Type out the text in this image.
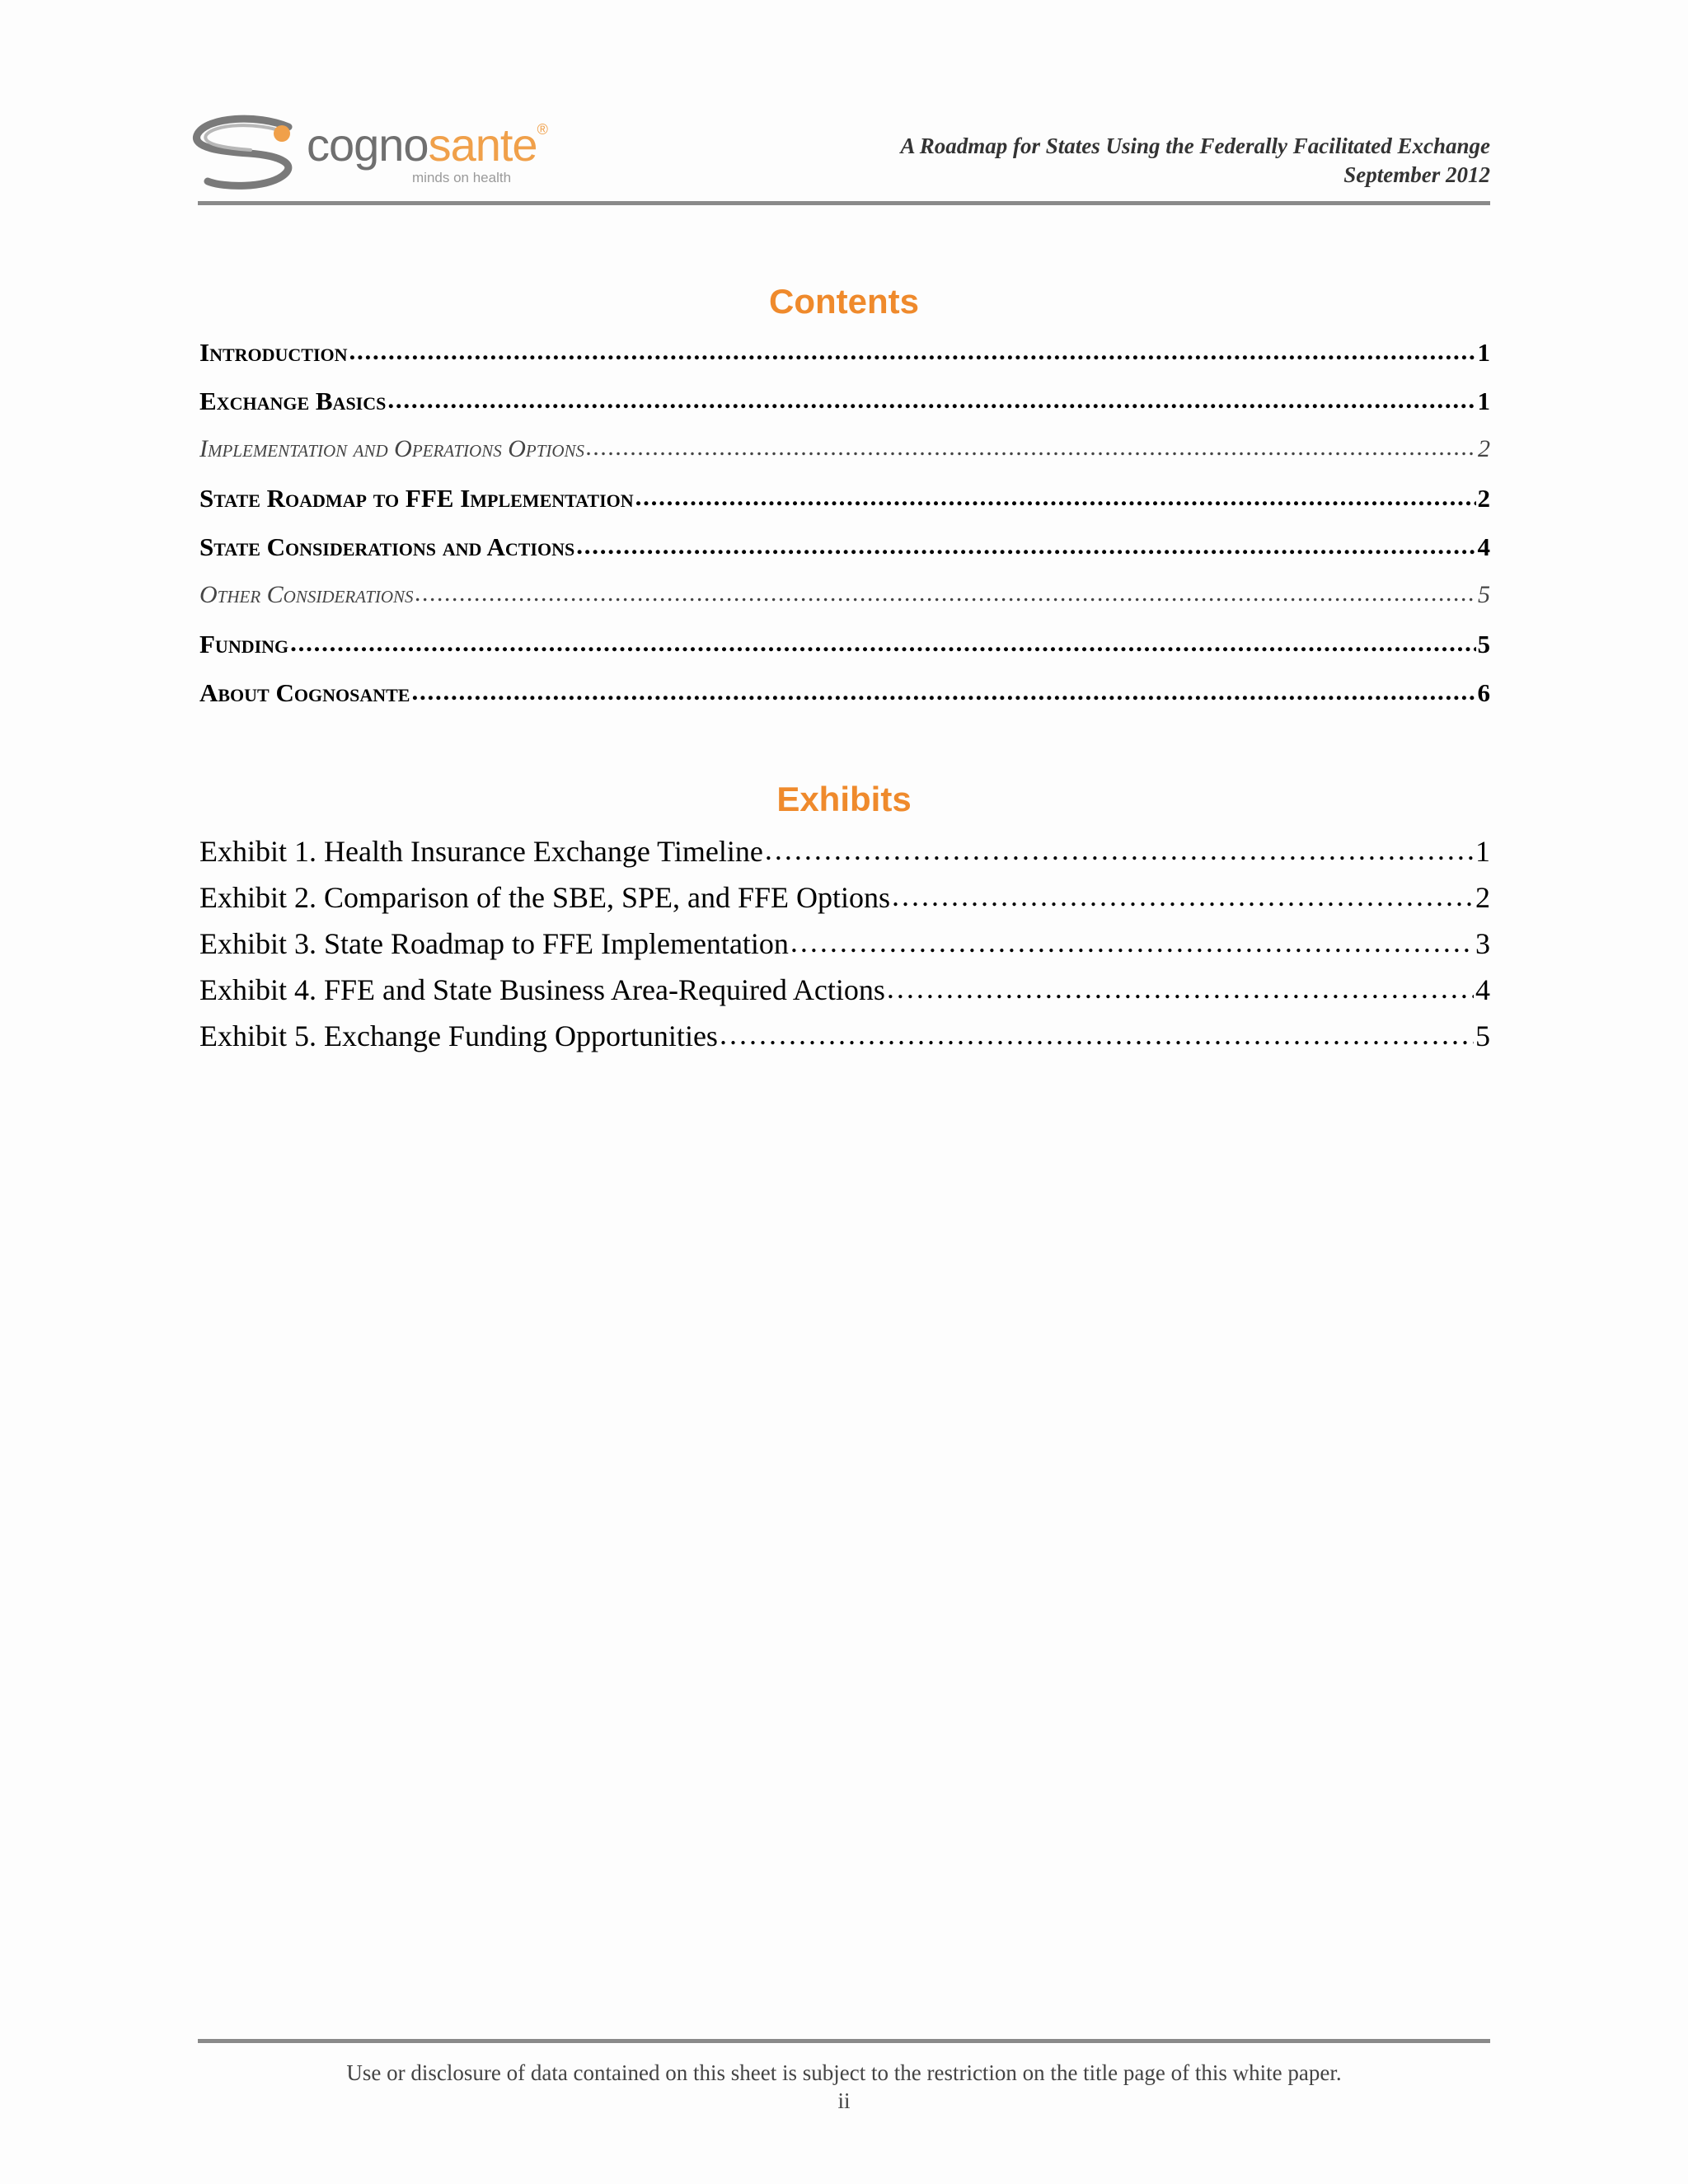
cognosante®
minds on health
A Roadmap for States Using the Federally Facilitated Exchange
September 2012
Contents
Introduction . . .	1
Exchange Basics . . .	1
Implementation and Operations Options . . .	2
State Roadmap to FFE Implementation . . .	2
State Considerations and Actions . . .	4
Other Considerations . . .	5
Funding . . .	5
About Cognosante . . .	6
Exhibits
Exhibit 1. Health Insurance Exchange Timeline . . .	1
Exhibit 2. Comparison of the SBE, SPE, and FFE Options . . .	2
Exhibit 3. State Roadmap to FFE Implementation . . .	3
Exhibit 4. FFE and State Business Area-Required Actions . . .	4
Exhibit 5. Exchange Funding Opportunities . . .	5
Use or disclosure of data contained on this sheet is subject to the restriction on the title page of this white paper.
ii
